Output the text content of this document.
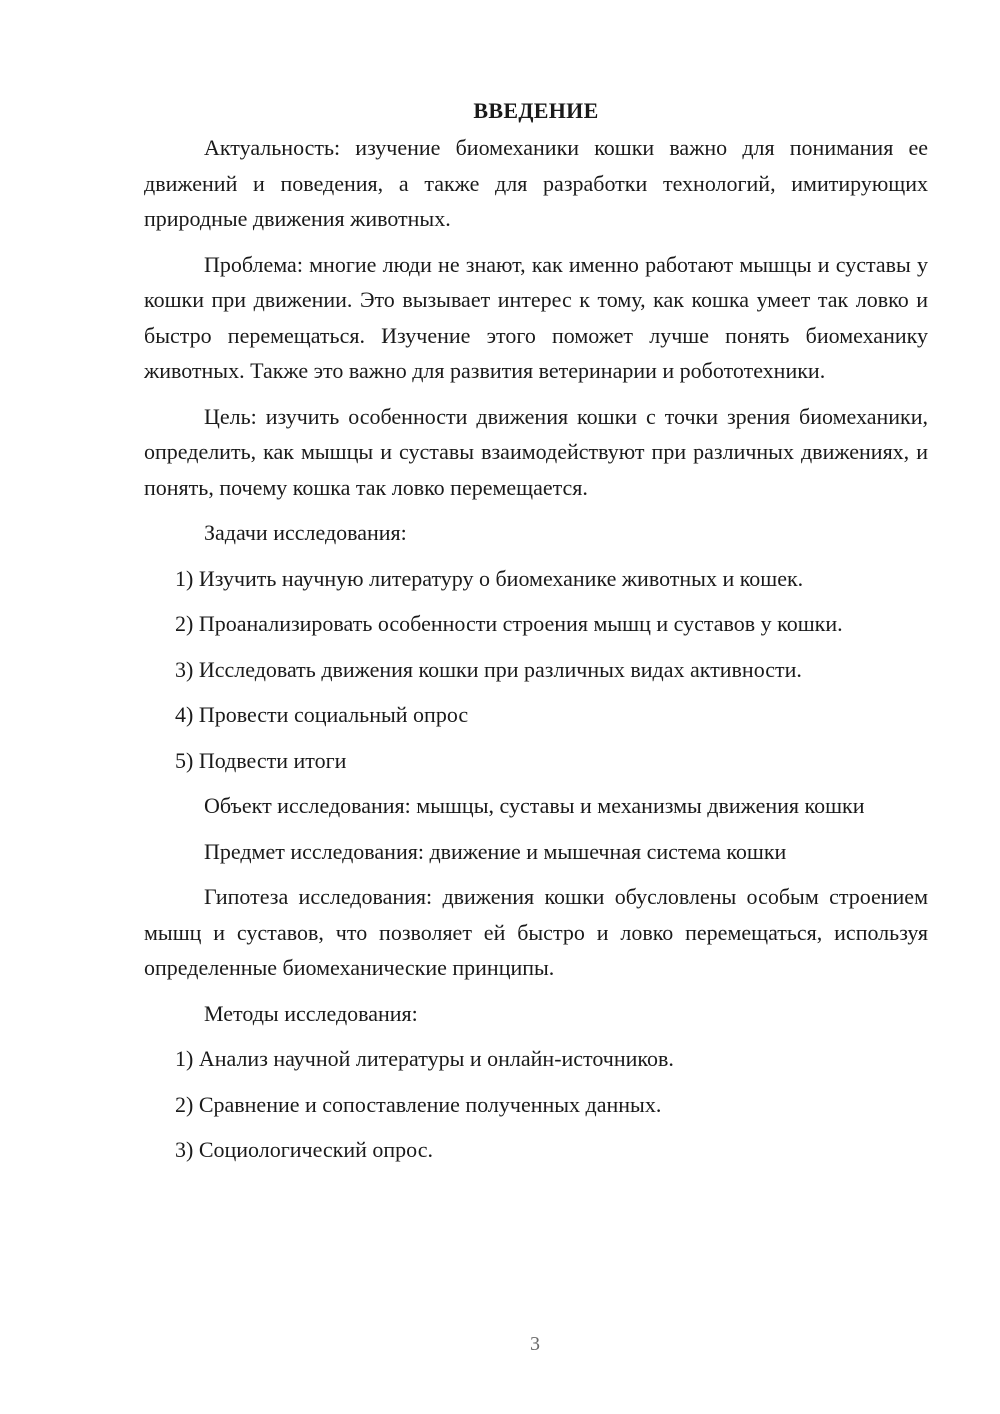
ВВЕДЕНИЕ

Актуальность: изучение биомеханики кошки важно для понимания ее движений и поведения, а также для разработки технологий, имитирующих природные движения животных.

Проблема: многие люди не знают, как именно работают мышцы и суставы у кошки при движении. Это вызывает интерес к тому, как кошка умеет так ловко и быстро перемещаться. Изучение этого поможет лучше понять биомеханику животных. Также это важно для развития ветеринарии и робототехники.

Цель: изучить особенности движения кошки с точки зрения биомеханики, определить, как мышцы и суставы взаимодействуют при различных движениях, и понять, почему кошка так ловко перемещается.

Задачи исследования:

1) Изучить научную литературу о биомеханике животных и кошек.

2) Проанализировать особенности строения мышц и суставов у кошки.

3) Исследовать движения кошки при различных видах активности.

4) Провести социальный опрос

5) Подвести итоги

Объект исследования: мышцы, суставы и механизмы движения кошки

Предмет исследования: движение и мышечная система кошки

Гипотеза исследования: движения кошки обусловлены особым строением мышц и суставов, что позволяет ей быстро и ловко перемещаться, используя определенные биомеханические принципы.

Методы исследования:

1) Анализ научной литературы и онлайн-источников.

2) Сравнение и сопоставление полученных данных.

3) Социологический опрос.

3
